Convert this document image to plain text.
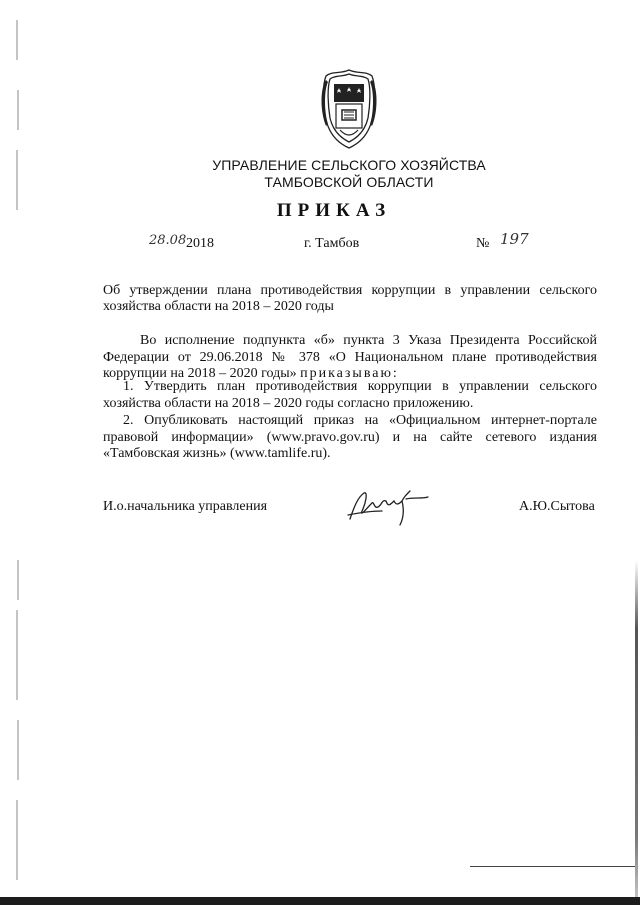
УПРАВЛЕНИЕ СЕЛЬСКОГО ХОЗЯЙСТВА
ТАМБОВСКОЙ ОБЛАСТИ
ПРИКАЗ
28.08 2018	г. Тамбов	№ 197
Об утверждении плана противодействия коррупции в управлении сельского хозяйства области на 2018 – 2020 годы
Во исполнение подпункта «б» пункта 3 Указа Президента Российской Федерации от 29.06.2018 № 378 «О Национальном плане противодействия коррупции на 2018 – 2020 годы» приказываю:
1. Утвердить план противодействия коррупции в управлении сельского хозяйства области на 2018 – 2020 годы согласно приложению.
2. Опубликовать настоящий приказ на «Официальном интернет-портале правовой информации» (www.pravo.gov.ru) и на сайте сетевого издания «Тамбовская жизнь» (www.tamlife.ru).
И.о.начальника управления	А.Ю.Сытова
